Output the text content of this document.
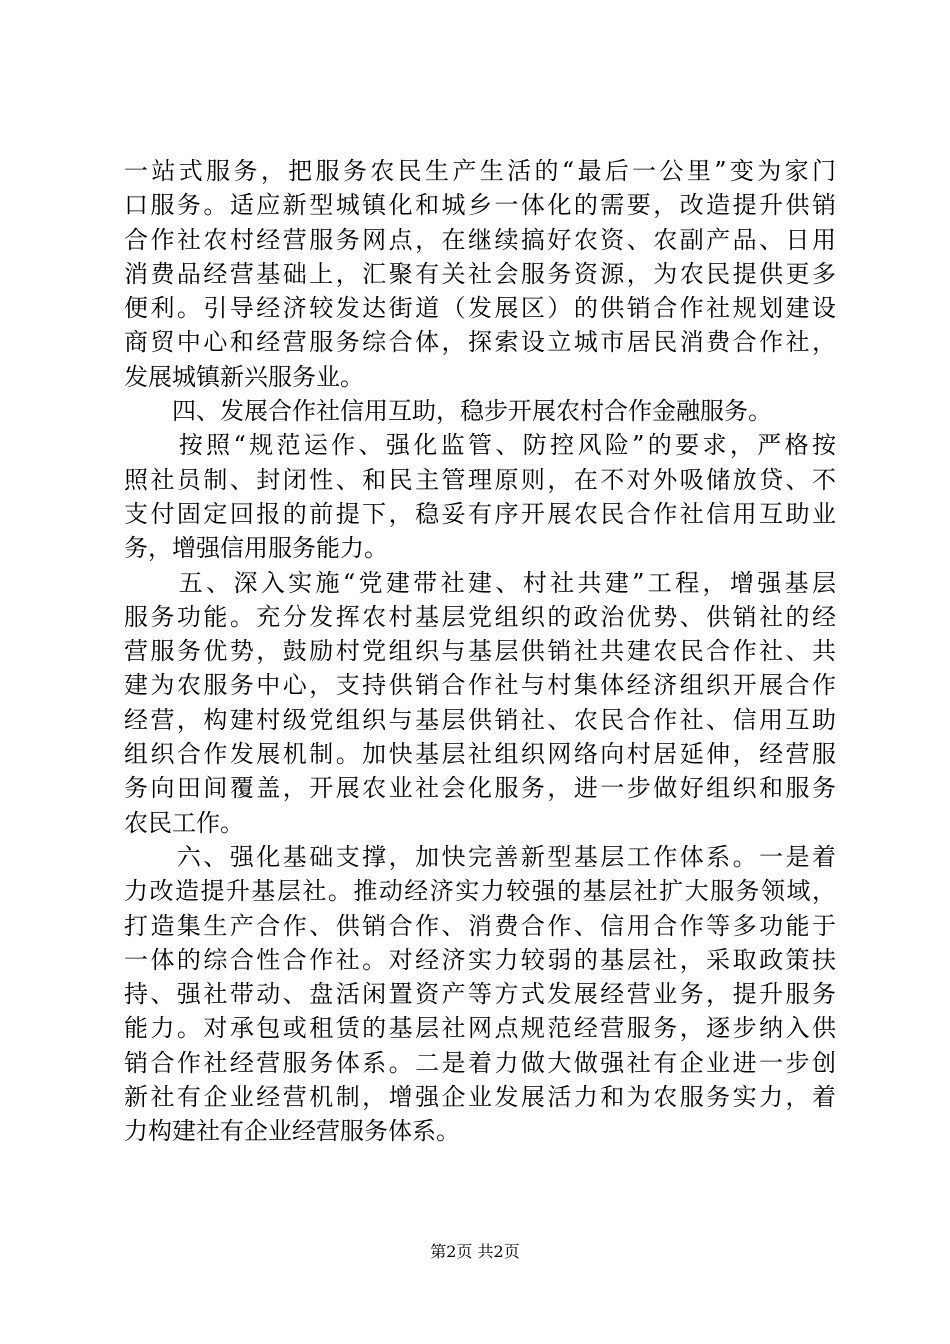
一站式服务，把服务农民生产生活的“最后一公里”变为家门
口服务。适应新型城镇化和城乡一体化的需要，改造提升供销
合作社农村经营服务网点，在继续搞好农资、农副产品、日用
消费品经营基础上，汇聚有关社会服务资源，为农民提供更多
便利。引导经济较发达街道（发展区）的供销合作社规划建设
商贸中心和经营服务综合体，探索设立城市居民消费合作社，
发展城镇新兴服务业。
　　四、发展合作社信用互助，稳步开展农村合作金融服务。
　　按照“规范运作、强化监管、防控风险”的要求，严格按
照社员制、封闭性、和民主管理原则，在不对外吸储放贷、不
支付固定回报的前提下，稳妥有序开展农民合作社信用互助业
务，增强信用服务能力。
　　五、深入实施“党建带社建、村社共建”工程，增强基层
服务功能。充分发挥农村基层党组织的政治优势、供销社的经
营服务优势，鼓励村党组织与基层供销社共建农民合作社、共
建为农服务中心，支持供销合作社与村集体经济组织开展合作
经营，构建村级党组织与基层供销社、农民合作社、信用互助
组织合作发展机制。加快基层社组织网络向村居延伸，经营服
务向田间覆盖，开展农业社会化服务，进一步做好组织和服务
农民工作。
　　六、强化基础支撑，加快完善新型基层工作体系。一是着
力改造提升基层社。推动经济实力较强的基层社扩大服务领域，
打造集生产合作、供销合作、消费合作、信用合作等多功能于
一体的综合性合作社。对经济实力较弱的基层社，采取政策扶
持、强社带动、盘活闲置资产等方式发展经营业务，提升服务
能力。对承包或租赁的基层社网点规范经营服务，逐步纳入供
销合作社经营服务体系。二是着力做大做强社有企业进一步创
新社有企业经营机制，增强企业发展活力和为农服务实力，着
力构建社有企业经营服务体系。
第2页 共2页
